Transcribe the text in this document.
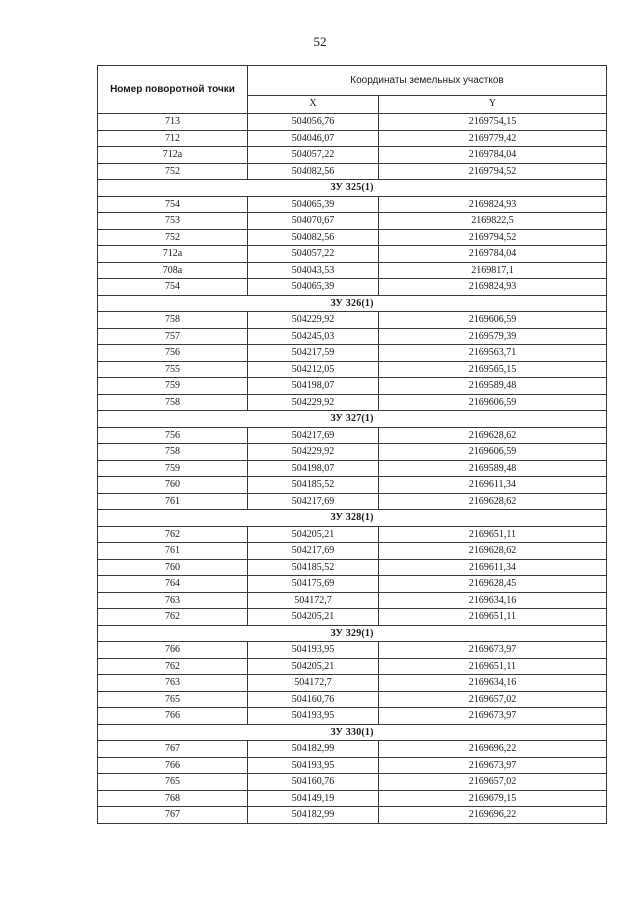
52
Номер поворотной точки	Координаты земельных участков	
	X	Y
713	504056,76	2169754,15
712	504046,07	2169779,42
712а	504057,22	2169784,04
752	504082,56	2169794,52
ЗУ 325(1)		
754	504065,39	2169824,93
753	504070,67	2169822,5
752	504082,56	2169794,52
712а	504057,22	2169784,04
708а	504043,53	2169817,1
754	504065,39	2169824,93
ЗУ 326(1)		
758	504229,92	2169606,59
757	504245,03	2169579,39
756	504217,59	2169563,71
755	504212,05	2169565,15
759	504198,07	2169589,48
758	504229,92	2169606,59
ЗУ 327(1)		
756	504217,69	2169628,62
758	504229,92	2169606,59
759	504198,07	2169589,48
760	504185,52	2169611,34
761	504217,69	2169628,62
ЗУ 328(1)		
762	504205,21	2169651,11
761	504217,69	2169628,62
760	504185,52	2169611,34
764	504175,69	2169628,45
763	504172,7	2169634,16
762	504205,21	2169651,11
ЗУ 329(1)		
766	504193,95	2169673,97
762	504205,21	2169651,11
763	504172,7	2169634,16
765	504160,76	2169657,02
766	504193,95	2169673,97
ЗУ 330(1)		
767	504182,99	2169696,22
766	504193,95	2169673,97
765	504160,76	2169657,02
768	504149,19	2169679,15
767	504182,99	2169696,22
